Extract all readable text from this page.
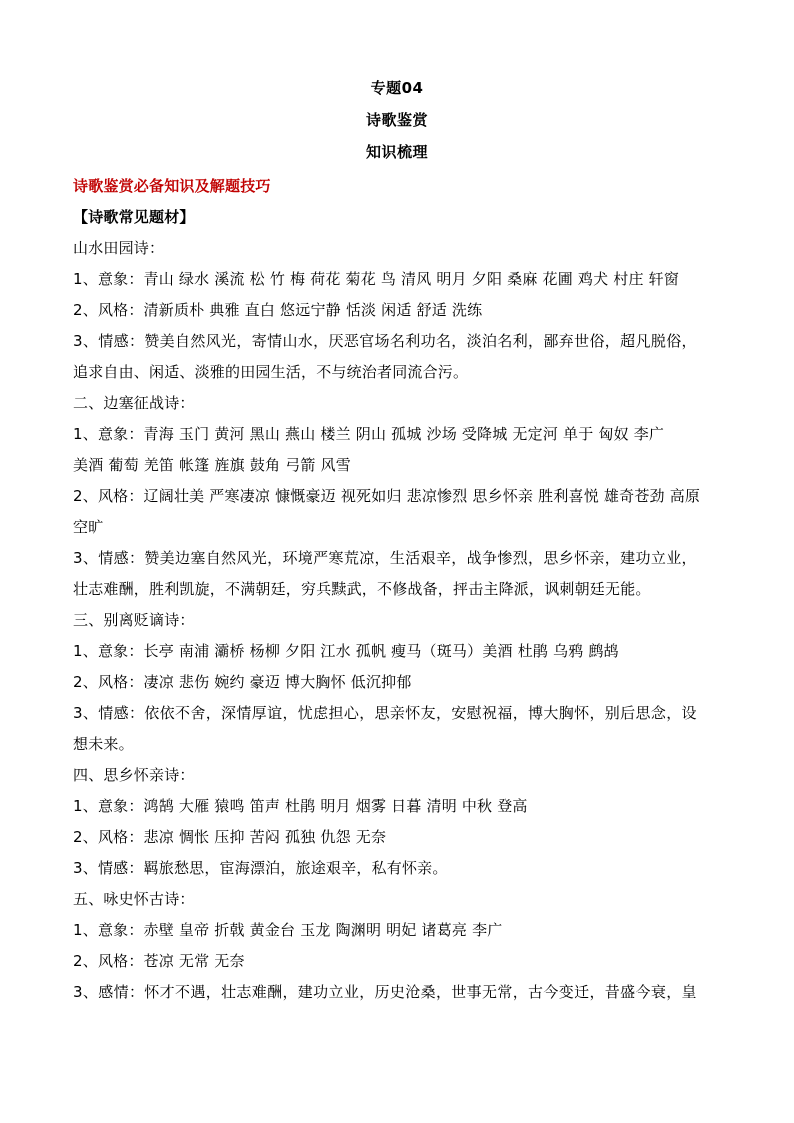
专题04
诗歌鉴赏
知识梳理
诗歌鉴赏必备知识及解题技巧
【诗歌常见题材】
山水田园诗：
1、意象：青山 绿水 溪流 松 竹 梅 荷花 菊花 鸟 清风 明月 夕阳 桑麻 花圃 鸡犬 村庄 轩窗
2、风格：清新质朴 典雅 直白 悠远宁静 恬淡 闲适 舒适 洗练
3、情感：赞美自然风光，寄情山水，厌恶官场名利功名，淡泊名利，鄙弃世俗，超凡脱俗，
追求自由、闲适、淡雅的田园生活，不与统治者同流合污。
二、边塞征战诗：
1、意象：青海 玉门 黄河 黑山 燕山 楼兰 阴山 孤城 沙场 受降城 无定河 单于 匈奴 李广
美酒 葡萄 羌笛 帐篷 旌旗 鼓角 弓箭 风雪
2、风格：辽阔壮美 严寒凄凉 慷慨豪迈 视死如归 悲凉惨烈 思乡怀亲 胜利喜悦 雄奇苍劲 高原
空旷
3、情感：赞美边塞自然风光，环境严寒荒凉，生活艰辛，战争惨烈，思乡怀亲，建功立业，
壮志难酬，胜利凯旋，不满朝廷，穷兵黩武，不修战备，抨击主降派，讽刺朝廷无能。
三、别离贬谪诗：
1、意象：长亭 南浦 灞桥 杨柳 夕阳 江水 孤帆 瘦马（斑马）美酒 杜鹃 乌鸦 鹧鸪
2、风格：凄凉 悲伤 婉约 豪迈 博大胸怀 低沉抑郁
3、情感：依依不舍，深情厚谊，忧虑担心，思亲怀友，安慰祝福，博大胸怀，别后思念，设
想未来。
四、思乡怀亲诗：
1、意象：鸿鹄 大雁 猿鸣 笛声 杜鹃 明月 烟雾 日暮 清明 中秋 登高
2、风格：悲凉 惆怅 压抑 苦闷 孤独 仇怨 无奈
3、情感：羁旅愁思，宦海漂泊，旅途艰辛，私有怀亲。
五、咏史怀古诗：
1、意象：赤壁 皇帝 折戟 黄金台 玉龙 陶渊明 明妃 诸葛亮 李广
2、风格：苍凉 无常 无奈
3、感情：怀才不遇，壮志难酬，建功立业，历史沧桑，世事无常，古今变迁，昔盛今衰，皇
